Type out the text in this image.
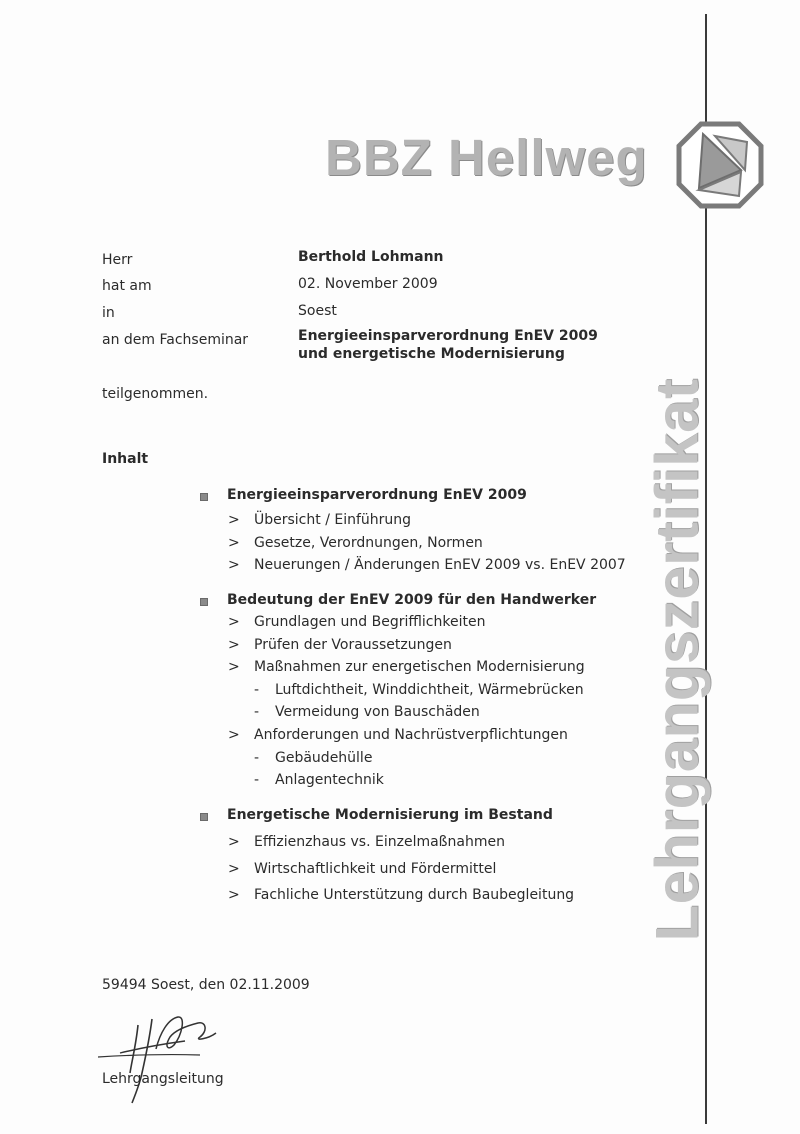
BBZ Hellweg
Lehrgangszertifikat
Herr	Berthold Lohmann
hat am	02. November 2009
in	Soest
an dem Fachseminar	Energieeinsparverordnung EnEV 2009
und energetische Modernisierung
teilgenommen.
Inhalt
Energieeinsparverordnung EnEV 2009
> Übersicht / Einführung
> Gesetze, Verordnungen, Normen
> Neuerungen / Änderungen EnEV 2009 vs. EnEV 2007
Bedeutung der EnEV 2009 für den Handwerker
> Grundlagen und Begrifflichkeiten
> Prüfen der Voraussetzungen
> Maßnahmen zur energetischen Modernisierung
- Luftdichtheit, Winddichtheit, Wärmebrücken
- Vermeidung von Bauschäden
> Anforderungen und Nachrüstverpflichtungen
- Gebäudehülle
- Anlagentechnik
Energetische Modernisierung im Bestand
> Effizienzhaus vs. Einzelmaßnahmen
> Wirtschaftlichkeit und Fördermittel
> Fachliche Unterstützung durch Baubegleitung
59494 Soest, den 02.11.2009
Lehrgangsleitung
